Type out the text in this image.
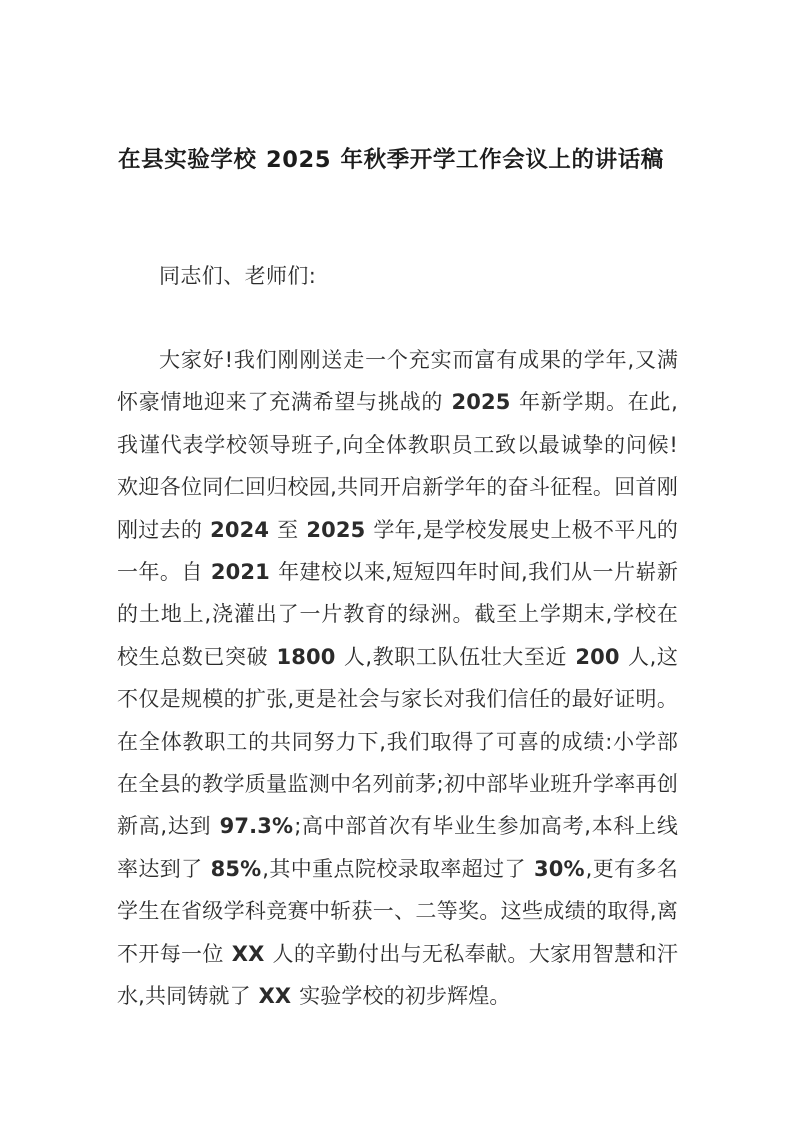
在县实验学校 2025 年秋季开学工作会议上的讲话稿

同志们、老师们:

大家好!我们刚刚送走一个充实而富有成果的学年,又满怀豪情地迎来了充满希望与挑战的 2025 年新学期。在此,我谨代表学校领导班子,向全体教职员工致以最诚挚的问候!欢迎各位同仁回归校园,共同开启新学年的奋斗征程。回首刚刚过去的 2024 至 2025 学年,是学校发展史上极不平凡的一年。自 2021 年建校以来,短短四年时间,我们从一片崭新的土地上,浇灌出了一片教育的绿洲。截至上学期末,学校在校生总数已突破 1800 人,教职工队伍壮大至近 200 人,这不仅是规模的扩张,更是社会与家长对我们信任的最好证明。在全体教职工的共同努力下,我们取得了可喜的成绩:小学部在全县的教学质量监测中名列前茅;初中部毕业班升学率再创新高,达到 97.3%;高中部首次有毕业生参加高考,本科上线率达到了 85%,其中重点院校录取率超过了 30%,更有多名学生在省级学科竞赛中斩获一、二等奖。这些成绩的取得,离不开每一位 XX 人的辛勤付出与无私奉献。大家用智慧和汗水,共同铸就了 XX 实验学校的初步辉煌。
